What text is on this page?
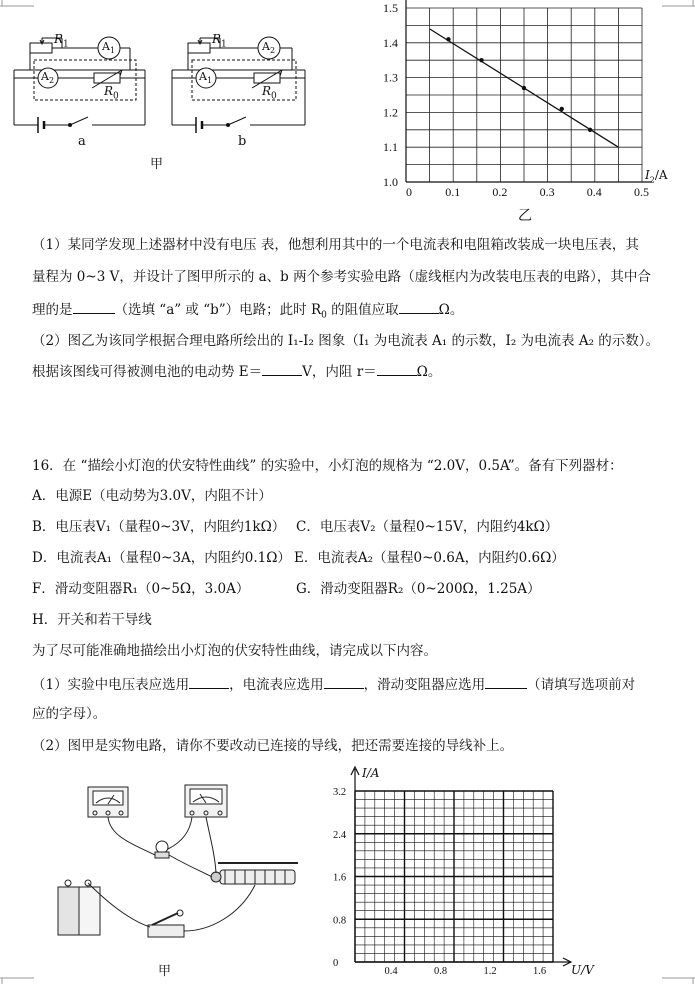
$R_1$	$A_1$
$A_2$
$R_0$
$R_1$	$A_2$
$A_1$
$R_0$
a	b
甲
0	0.1	0.2	0.3	0.4	0.5
1.0
1.1
1.2
1.3
1.4
1.5
乙
$I_2/A$
（1）某同学发现上述器材中没有电压 表，他想利用其中的一个电流表和电阻箱改装成一块电压表，其
量程为 0~3 V，并设计了图甲所示的 a、b 两个参考实验电路（虚线框内为改装电压表的电路），其中合
理的是	（选填 “a” 或 “b”）电路；此时 $R_0$ 的阻值应取	Ω。
（2）图乙为该同学根据合理电路所绘出的 I₁-I₂ 图象（I₁ 为电流表 A₁ 的示数，I₂ 为电流表 A₂ 的示数）。
根据该图线可得被测电池的电动势 E＝	V，内阻 r＝	Ω。
16．在 “描绘小灯泡的伏安特性曲线” 的实验中，小灯泡的规格为 “2.0V，0.5A”。备有下列器材：
A．电源E（电动势为3.0V，内阻不计）
B．电压表V₁（量程0~3V，内阻约1kΩ） C．电压表V₂（量程0~15V，内阻约4kΩ）
D．电流表A₁（量程0~3A，内阻约0.1Ω） E．电流表A₂（量程0~0.6A，内阻约0.6Ω）
F．滑动变阻器R₁（0~5Ω，3.0A）	G．滑动变阻器R₂（0~200Ω，1.25A）
H．开关和若干导线
为了尽可能准确地描绘出小灯泡的伏安特性曲线，请完成以下内容。
（1）实验中电压表应选用	，电流表应选用	，滑动变阻器应选用	（请填写选项前对
应的字母）。
（2）图甲是实物电路，请你不要改动已连接的导线，把还需要连接的导线补上。
甲
0
0.8
1.6
2.4
3.2
0.4	0.8	1.2	1.6
I/A
U/V
